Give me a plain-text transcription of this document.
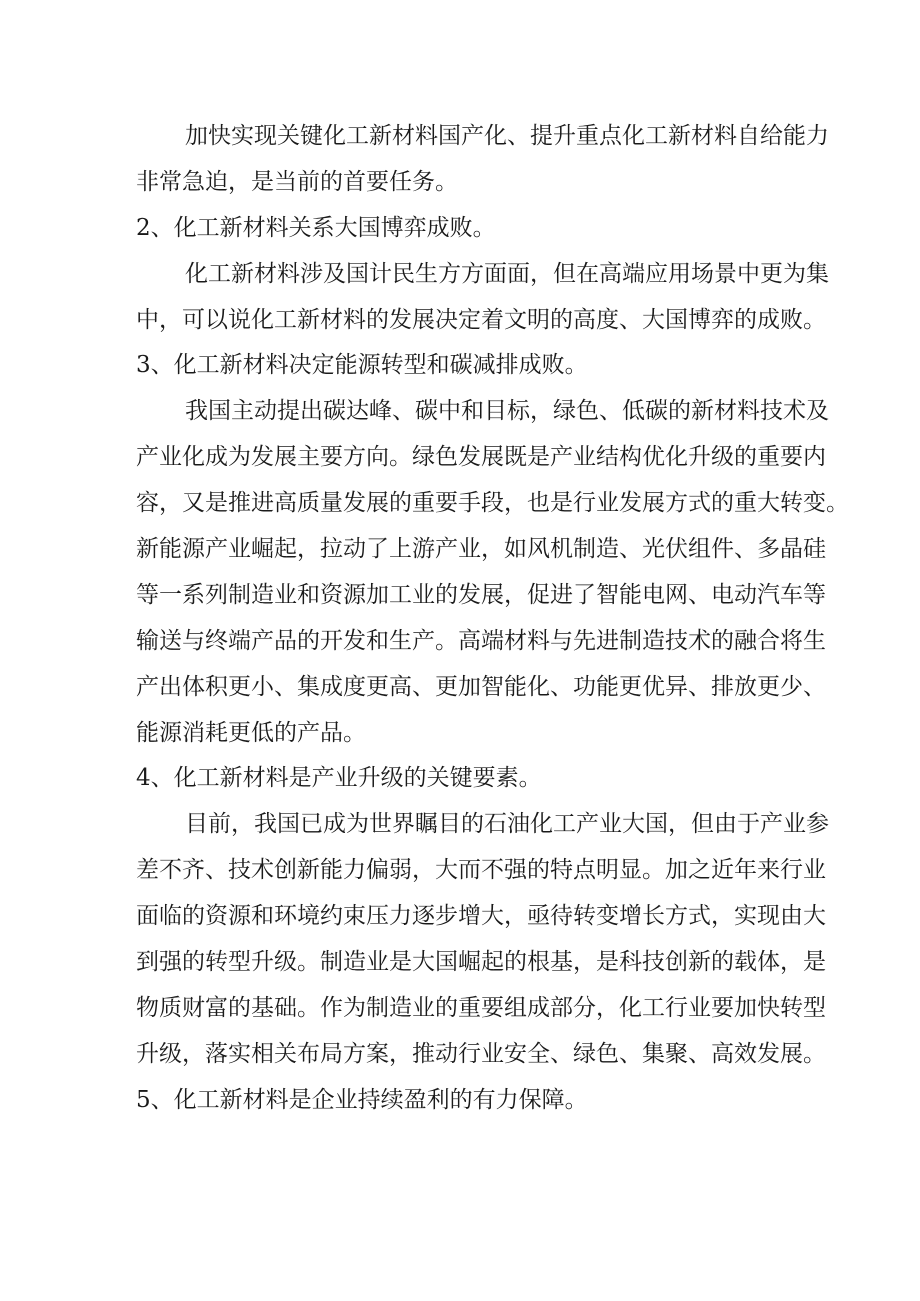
加快实现关键化工新材料国产化、提升重点化工新材料自给能力
非常急迫，是当前的首要任务。
2、化工新材料关系大国博弈成败。
化工新材料涉及国计民生方方面面，但在高端应用场景中更为集
中，可以说化工新材料的发展决定着文明的高度、大国博弈的成败。
3、化工新材料决定能源转型和碳减排成败。
我国主动提出碳达峰、碳中和目标，绿色、低碳的新材料技术及
产业化成为发展主要方向。绿色发展既是产业结构优化升级的重要内
容，又是推进高质量发展的重要手段，也是行业发展方式的重大转变。
新能源产业崛起，拉动了上游产业，如风机制造、光伏组件、多晶硅
等一系列制造业和资源加工业的发展，促进了智能电网、电动汽车等
输送与终端产品的开发和生产。高端材料与先进制造技术的融合将生
产出体积更小、集成度更高、更加智能化、功能更优异、排放更少、
能源消耗更低的产品。
4、化工新材料是产业升级的关键要素。
目前，我国已成为世界瞩目的石油化工产业大国，但由于产业参
差不齐、技术创新能力偏弱，大而不强的特点明显。加之近年来行业
面临的资源和环境约束压力逐步增大，亟待转变增长方式，实现由大
到强的转型升级。制造业是大国崛起的根基，是科技创新的载体，是
物质财富的基础。作为制造业的重要组成部分，化工行业要加快转型
升级，落实相关布局方案，推动行业安全、绿色、集聚、高效发展。
5、化工新材料是企业持续盈利的有力保障。
